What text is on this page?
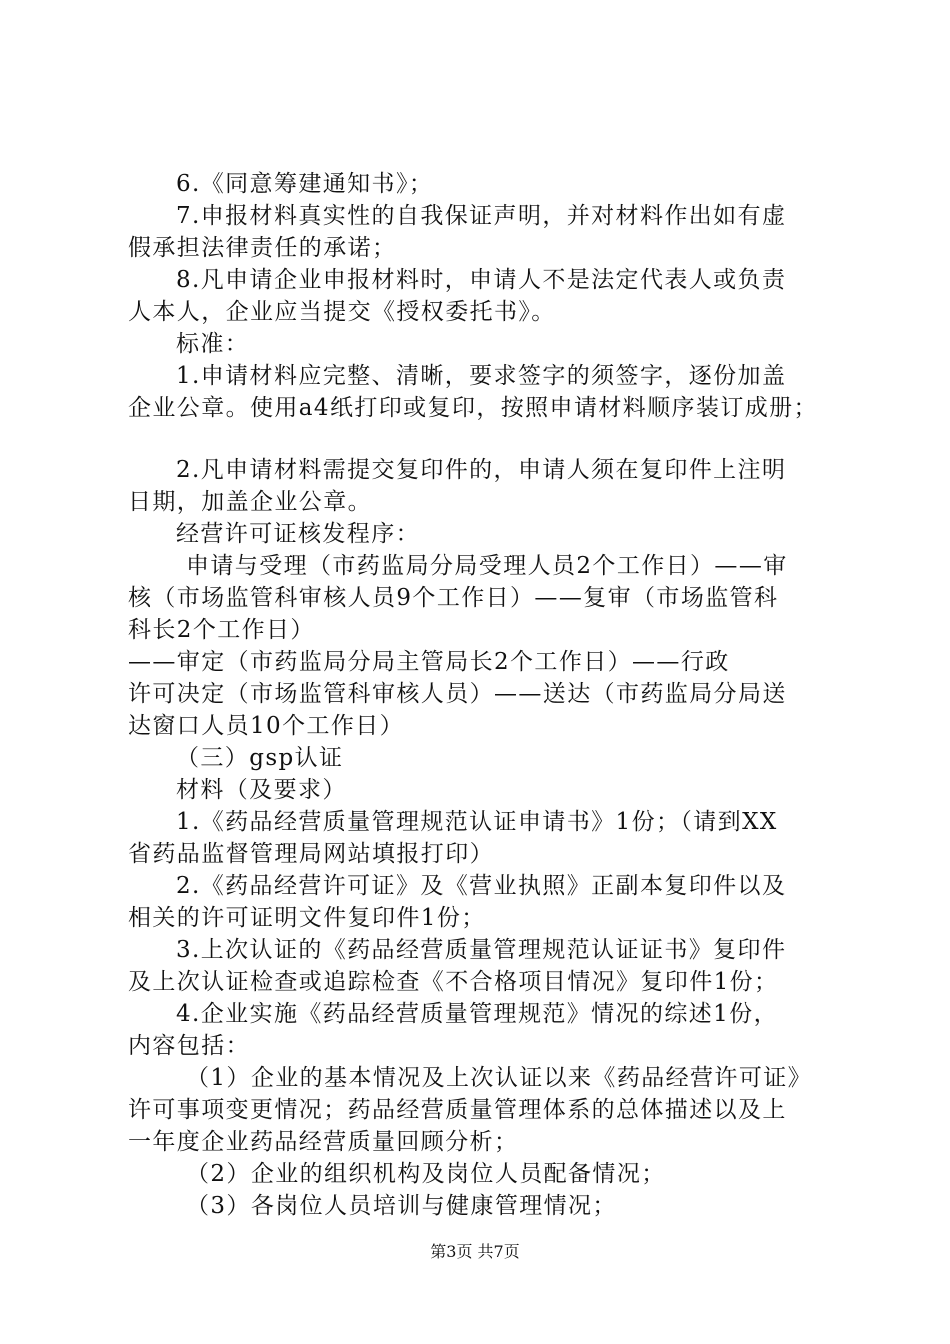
6.《同意筹建通知书》；
7.申报材料真实性的自我保证声明，并对材料作出如有虚
假承担法律责任的承诺；
8.凡申请企业申报材料时，申请人不是法定代表人或负责
人本人，企业应当提交《授权委托书》。
标准：
1.申请材料应完整、清晰，要求签字的须签字，逐份加盖
企业公章。使用a4纸打印或复印，按照申请材料顺序装订成册；
2.凡申请材料需提交复印件的，申请人须在复印件上注明
日期，加盖企业公章。
经营许可证核发程序：
申请与受理（市药监局分局受理人员2个工作日）——审
核（市场监管科审核人员9个工作日）——复审（市场监管科
科长2个工作日）
——审定（市药监局分局主管局长2个工作日）——行政
许可决定（市场监管科审核人员）——送达（市药监局分局送
达窗口人员10个工作日）
（三）gsp认证
材料（及要求）
1.《药品经营质量管理规范认证申请书》1份；（请到XX
省药品监督管理局网站填报打印）
2.《药品经营许可证》及《营业执照》正副本复印件以及
相关的许可证明文件复印件1份；
3.上次认证的《药品经营质量管理规范认证证书》复印件
及上次认证检查或追踪检查《不合格项目情况》复印件1份；
4.企业实施《药品经营质量管理规范》情况的综述1份，
内容包括：
（1）企业的基本情况及上次认证以来《药品经营许可证》
许可事项变更情况；药品经营质量管理体系的总体描述以及上
一年度企业药品经营质量回顾分析；
（2）企业的组织机构及岗位人员配备情况；
（3）各岗位人员培训与健康管理情况；
第3页 共7页
